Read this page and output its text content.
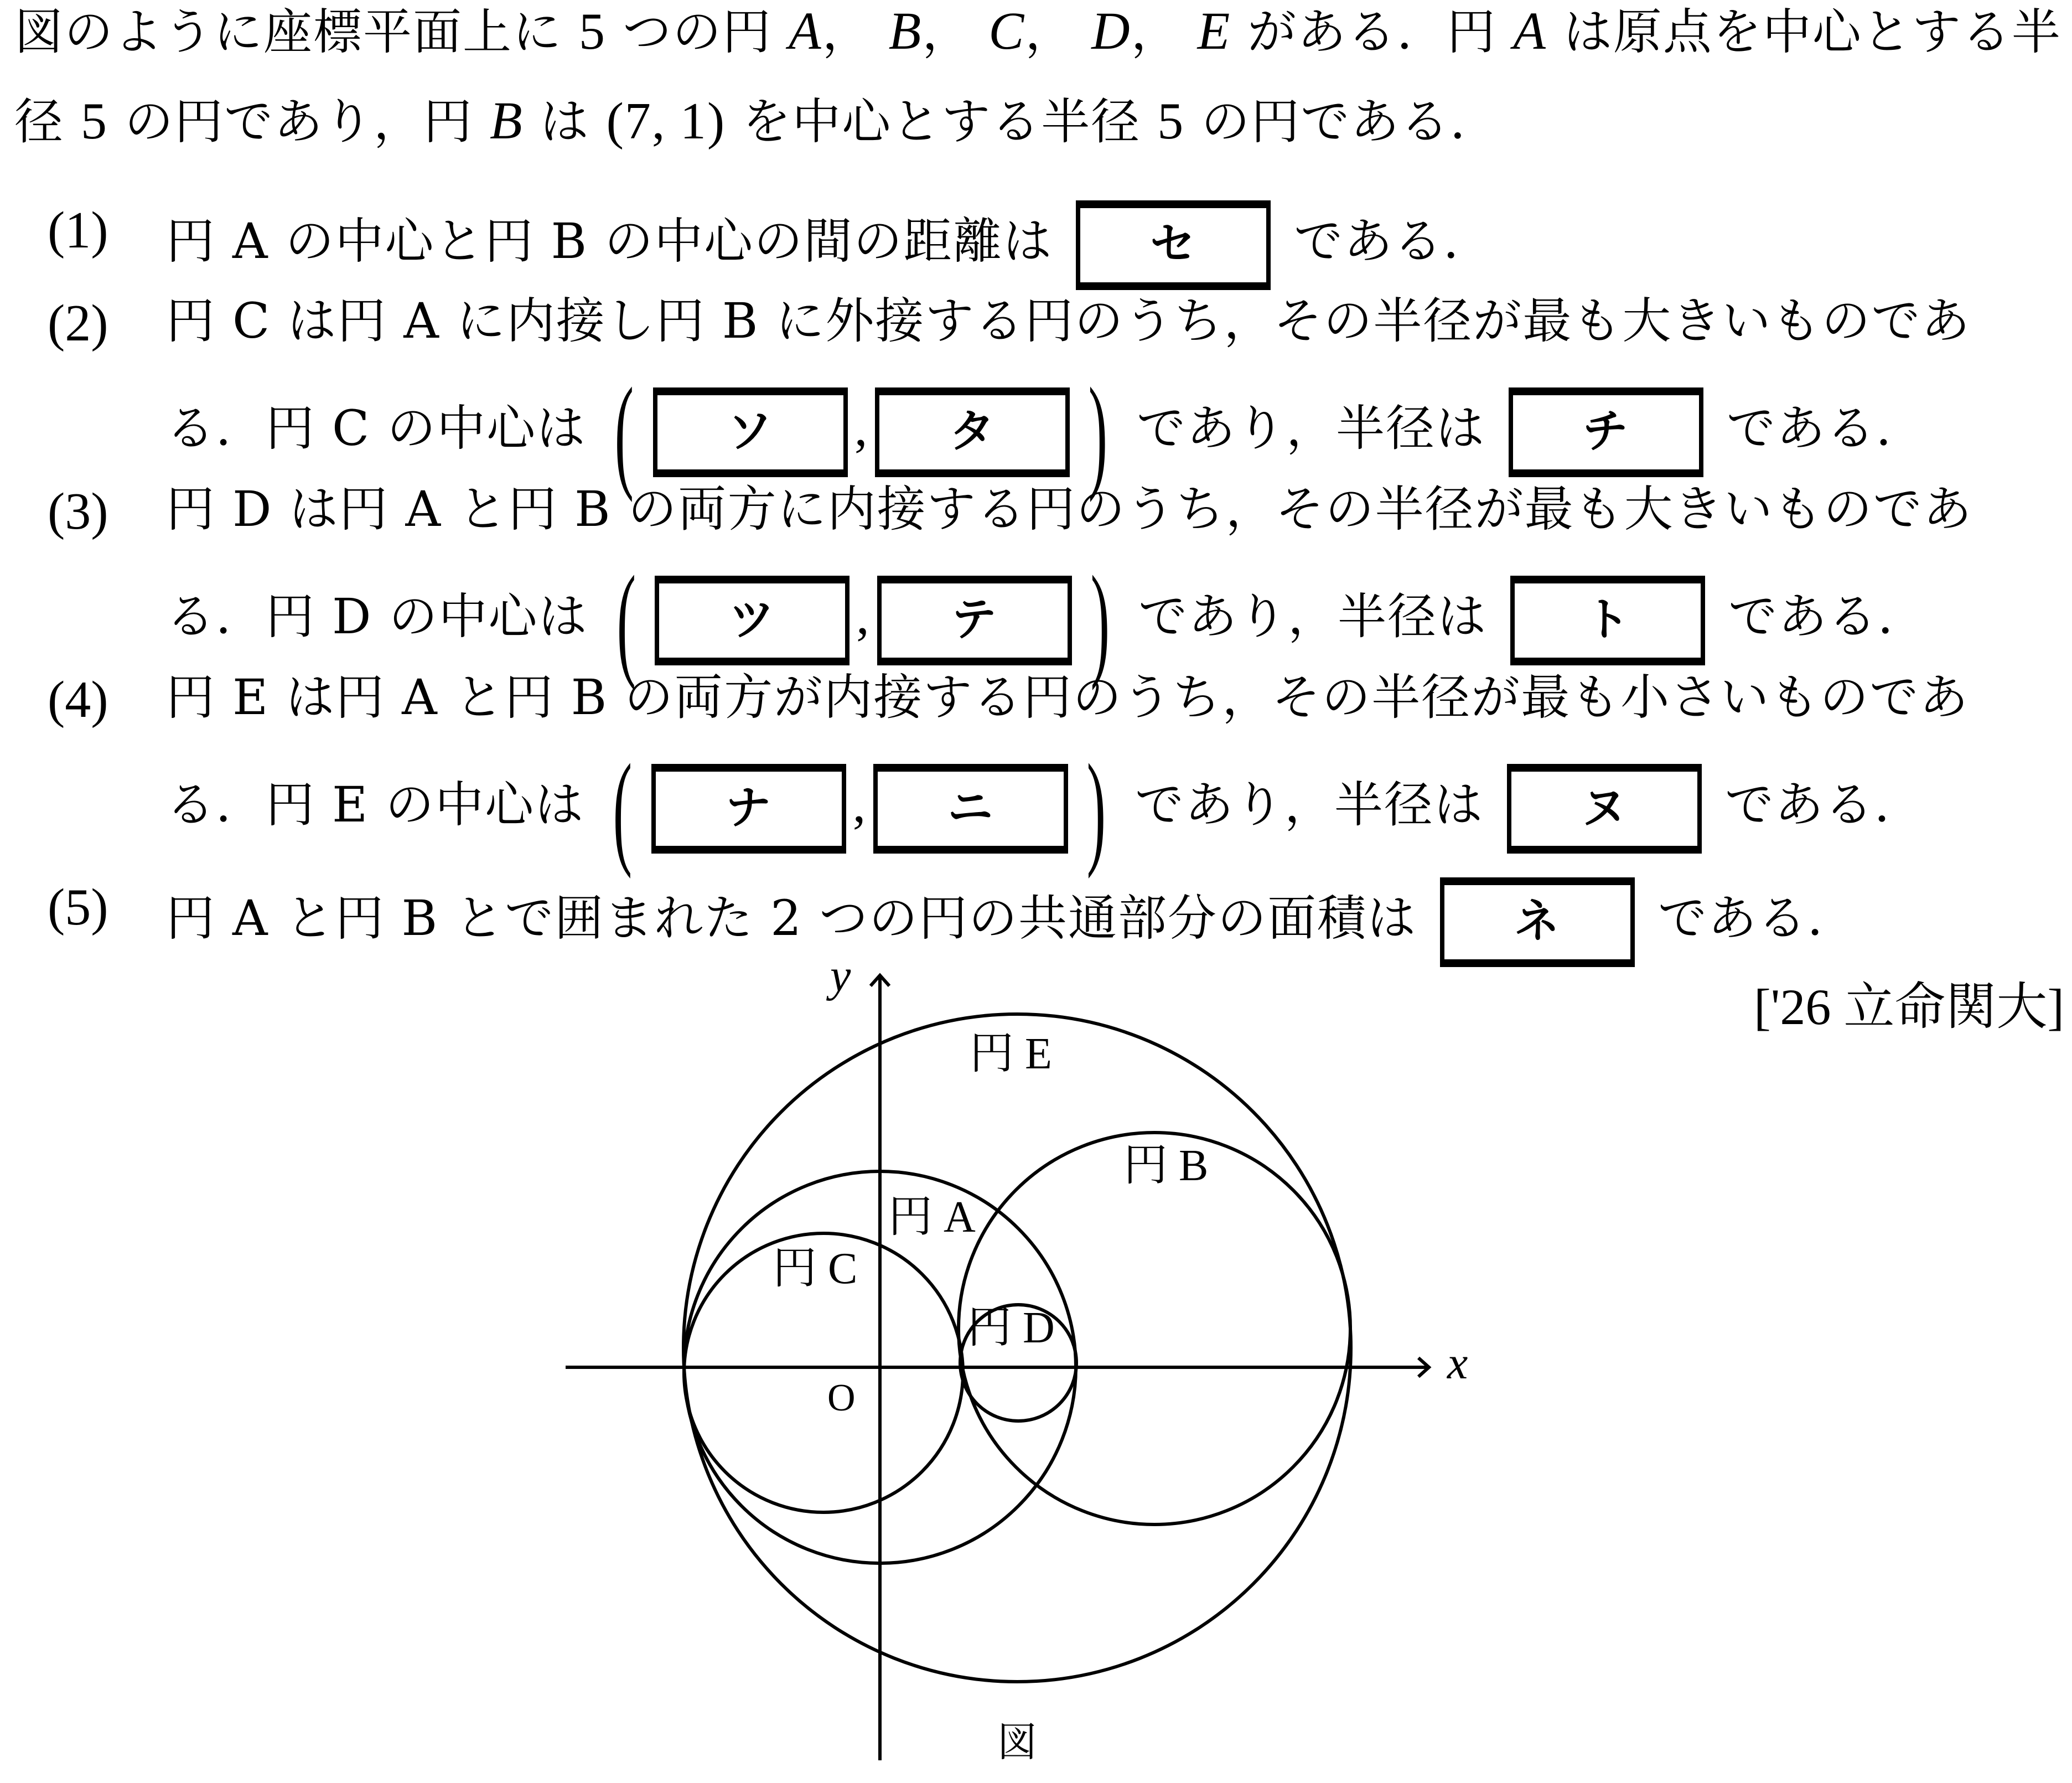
図のように座標平面上に 5 つの円 A， B， C， D， E がある．円 A は原点を中心とする半
径 5 の円であり，円 B は (7, 1) を中心とする半径 5 の円である．
(1) 円 A の中心と円 B の中心の間の距離は セ である．
(2) 円 C は円 A に内接し円 B に外接する円のうち，その半径が最も大きいものであ
る．円 C の中心は ( ソ , タ ) であり，半径は チ である．
(3) 円 D は円 A と円 B の両方に内接する円のうち，その半径が最も大きいものであ
る．円 D の中心は ( ツ , テ ) であり，半径は ト である．
(4) 円 E は円 A と円 B の両方が内接する円のうち，その半径が最も小さいものであ
る．円 E の中心は ( ナ , ニ ) であり，半径は ヌ である．
(5) 円 A と円 B とで囲まれた 2 つの円の共通部分の面積は ネ である．
['26 立命関大]
y
x
O
円 E
円 B
円 A
円 C
円 D
図
